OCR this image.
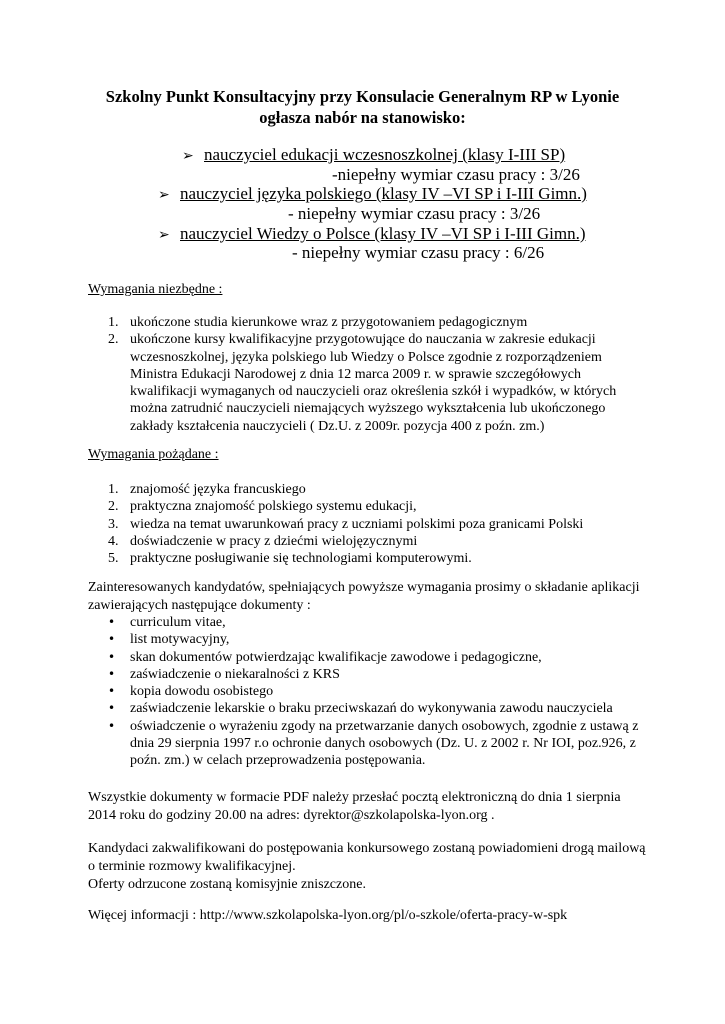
Szkolny Punkt Konsultacyjny przy Konsulacie Generalnym RP w Lyonie
ogłasza nabór na stanowisko:
➢ nauczyciel edukacji wczesnoszkolnej (klasy I-III SP)
-niepełny wymiar czasu pracy : 3/26
➢ nauczyciel języka polskiego (klasy IV –VI SP i I-III Gimn.)
- niepełny wymiar czasu pracy : 3/26
➢ nauczyciel Wiedzy o Polsce (klasy IV –VI SP i I-III Gimn.)
- niepełny wymiar czasu pracy : 6/26
Wymagania niezbędne :
1. ukończone studia kierunkowe wraz z przygotowaniem pedagogicznym
2. ukończone kursy kwalifikacyjne przygotowujące do nauczania w zakresie edukacji wczesnoszkolnej, języka polskiego lub Wiedzy o Polsce zgodnie z rozporządzeniem Ministra Edukacji Narodowej z dnia 12 marca 2009 r. w sprawie szczegółowych kwalifikacji wymaganych od nauczycieli oraz określenia szkół i wypadków, w których można zatrudnić nauczycieli niemających wyższego wykształcenia lub ukończonego zakłady kształcenia nauczycieli ( Dz.U. z 2009r. pozycja 400 z poźn. zm.)
Wymagania pożądane :
1. znajomość języka francuskiego
2. praktyczna znajomość polskiego systemu edukacji,
3. wiedza na temat uwarunkowań pracy z uczniami polskimi poza granicami Polski
4. doświadczenie w pracy z dziećmi wielojęzycznymi
5. praktyczne posługiwanie się technologiami komputerowymi.

Zainteresowanych kandydatów, spełniających powyższe wymagania prosimy o składanie aplikacji zawierających następujące dokumenty :

• curriculum vitae,
• list motywacyjny,
• skan dokumentów potwierdzając kwalifikacje zawodowe i pedagogiczne,
• zaświadczenie o niekaralności z KRS
• kopia dowodu osobistego
• zaświadczenie lekarskie o braku przeciwskazań do wykonywania zawodu nauczyciela
• oświadczenie o wyrażeniu zgody na przetwarzanie danych osobowych, zgodnie z ustawą z dnia 29 sierpnia 1997 r.o ochronie danych osobowych (Dz. U. z 2002 r. Nr IOI, poz.926, z poźn. zm.) w celach przeprowadzenia postępowania.

Wszystkie dokumenty w formacie PDF należy przesłać pocztą elektroniczną do dnia 1 sierpnia 2014 roku do godziny 20.00 na adres: dyrektor@szkolapolska-lyon.org .

Kandydaci zakwalifikowani do postępowania konkursowego zostaną powiadomieni drogą mailową o terminie rozmowy kwalifikacyjnej.
Oferty odrzucone zostaną komisyjnie zniszczone.

Więcej informacji : http://www.szkolapolska-lyon.org/pl/o-szkole/oferta-pracy-w-spk
